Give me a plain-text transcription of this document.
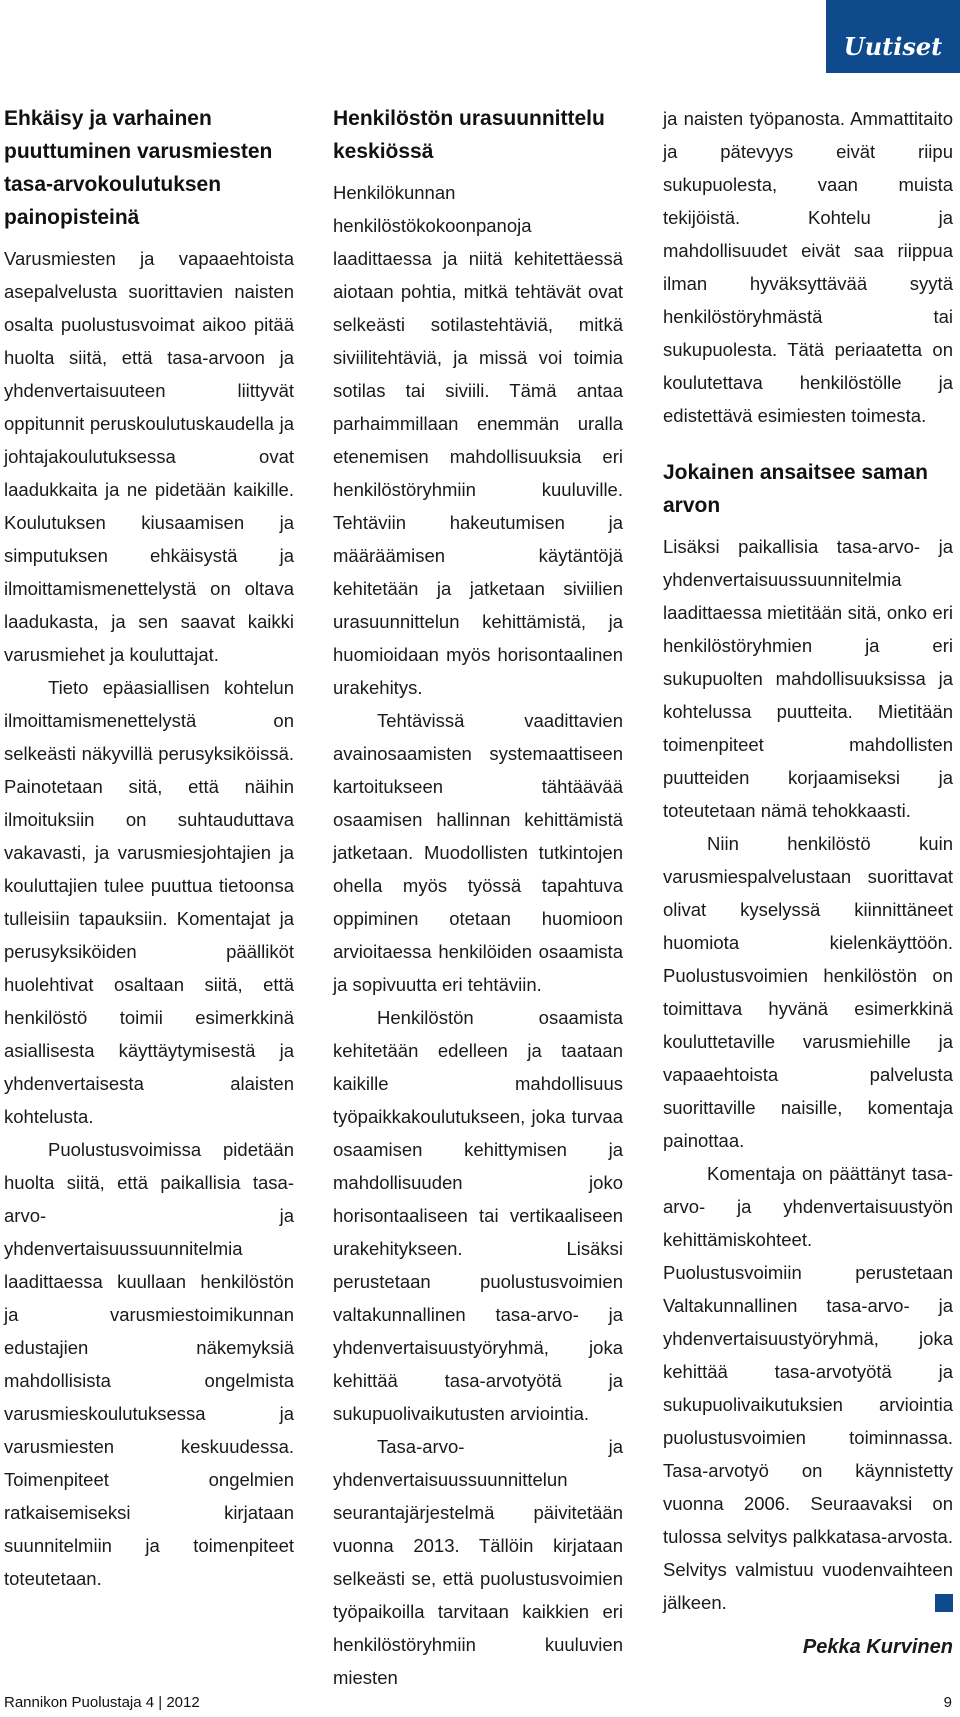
Uutiset
Ehkäisy ja varhainen puuttuminen varusmiesten tasa-arvokoulutuksen painopisteinä

Varusmiesten ja vapaaehtoista asepalvelusta suorittavien naisten osalta puolustusvoimat aikoo pitää huolta siitä, että tasa-arvoon ja yhdenvertaisuuteen liittyvät oppitunnit peruskoulutuskaudella ja johtajakoulutuksessa ovat laadukkaita ja ne pidetään kaikille. Koulutuksen kiusaamisen ja simputuksen ehkäisystä ja ilmoittamismenettelystä on oltava laadukasta, ja sen saavat kaikki varusmiehet ja kouluttajat.

Tieto epäasiallisen kohtelun ilmoittamismenettelystä on selkeästi näkyvillä perusyksiköissä. Painotetaan sitä, että näihin ilmoituksiin on suhtauduttava vakavasti, ja varusmiesjohtajien ja kouluttajien tulee puuttua tietoonsa tulleisiin tapauksiin. Komentajat ja perusyksiköiden päälliköt huolehtivat osaltaan siitä, että henkilöstö toimii esimerkkinä asiallisesta käyttäytymisestä ja yhdenvertaisesta alaisten kohtelusta.

Puolustusvoimissa pidetään huolta siitä, että paikallisia tasa-arvo- ja yhdenvertaisuussuunnitelmia laadittaessa kuullaan henkilöstön ja varusmiestoimikunnan edustajien näkemyksiä mahdollisista ongelmista varusmieskoulutuksessa ja varusmiesten keskuudessa. Toimenpiteet ongelmien ratkaisemiseksi kirjataan suunnitelmiin ja toimenpiteet toteutetaan.

Henkilöstön urasuunnittelu keskiössä

Henkilökunnan henkilöstökokoonpanoja laadittaessa ja niitä kehitettäessä aiotaan pohtia, mitkä tehtävät ovat selkeästi sotilastehtäviä, mitkä siviilitehtäviä, ja missä voi toimia sotilas tai siviili. Tämä antaa parhaimmillaan enemmän uralla etenemisen mahdollisuuksia eri henkilöstöryhmiin kuuluville. Tehtäviin hakeutumisen ja määräämisen käytäntöjä kehitetään ja jatketaan siviilien urasuunnittelun kehittämistä, ja huomioidaan myös horisontaalinen urakehitys.

Tehtävissä vaadittavien avainosaamisten systemaattiseen kartoitukseen tähtäävää osaamisen hallinnan kehittämistä jatketaan. Muodollisten tutkintojen ohella myös työssä tapahtuva oppiminen otetaan huomioon arvioitaessa henkilöiden osaamista ja sopivuutta eri tehtäviin.

Henkilöstön osaamista kehitetään edelleen ja taataan kaikille mahdollisuus työpaikkakoulutukseen, joka turvaa osaamisen kehittymisen ja mahdollisuuden joko horisontaaliseen tai vertikaaliseen urakehitykseen. Lisäksi perustetaan puolustusvoimien valtakunnallinen tasa-arvo- ja yhdenvertaisuustyöryhmä, joka kehittää tasa-arvotyötä ja sukupuolivaikutusten arviointia.

Tasa-arvo- ja yhdenvertaisuussuunnittelun seurantajärjestelmä päivitetään vuonna 2013. Tällöin kirjataan selkeästi se, että puolustusvoimien työpaikoilla tarvitaan kaikkien eri henkilöstöryhmiin kuuluvien miesten

ja naisten työpanosta. Ammattitaito ja pätevyys eivät riipu sukupuolesta, vaan muista tekijöistä. Kohtelu ja mahdollisuudet eivät saa riippua ilman hyväksyttävää syytä henkilöstöryhmästä tai sukupuolesta. Tätä periaatetta on koulutettava henkilöstölle ja edistettävä esimiesten toimesta.

Jokainen ansaitsee saman arvon

Lisäksi paikallisia tasa-arvo- ja yhdenvertaisuussuunnitelmia laadittaessa mietitään sitä, onko eri henkilöstöryhmien ja eri sukupuolten mahdollisuuksissa ja kohtelussa puutteita. Mietitään toimenpiteet mahdollisten puutteiden korjaamiseksi ja toteutetaan nämä tehokkaasti.

Niin henkilöstö kuin varusmiespalvelustaan suorittavat olivat kyselyssä kiinnittäneet huomiota kielenkäyttöön. Puolustusvoimien henkilöstön on toimittava hyvänä esimerkkinä kouluttetaville varusmiehille ja vapaaehtoista palvelusta suorittaville naisille, komentaja painottaa.

Komentaja on päättänyt tasa-arvo- ja yhdenvertaisuustyön kehittämiskohteet. Puolustusvoimiin perustetaan Valtakunnallinen tasa-arvo- ja yhdenvertaisuustyöryhmä, joka kehittää tasa-arvotyötä ja sukupuolivaikutuksien arviointia puolustusvoimien toiminnassa. Tasa-arvotyö on käynnistetty vuonna 2006. Seuraavaksi on tulossa selvitys palkkatasa-arvosta. Selvitys valmistuu vuodenvaihteen jälkeen.

Pekka Kurvinen
Rannikon Puolustaja 4 | 2012	9
